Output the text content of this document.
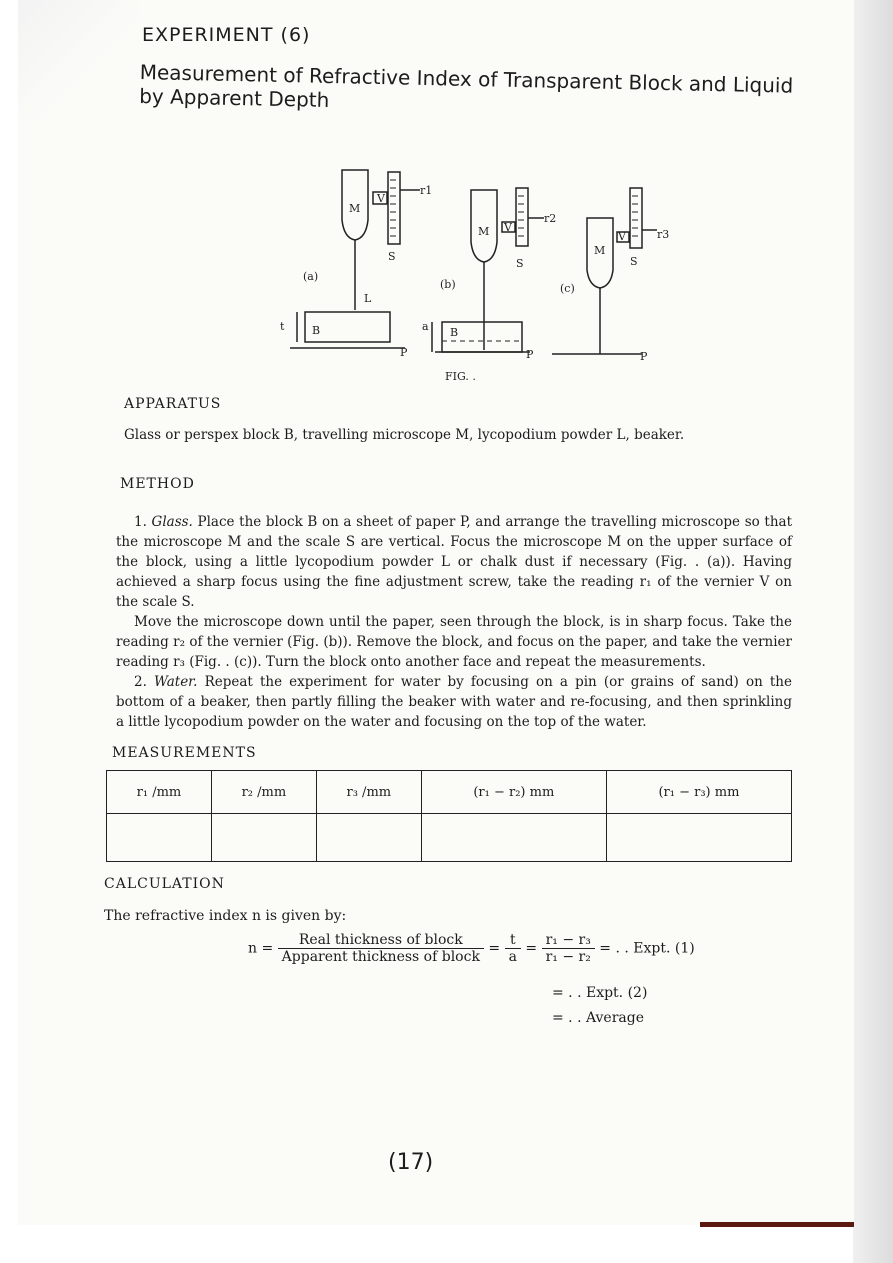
EXPERIMENT (6)
Measurement of Refractive Index of Transparent Block and Liquid by Apparent Depth
M
V
S
r1
(a)
L
B
t
P
M V
S
r2
(b)
B
a
P
M
V
S
r3
(c)
P
FIG. .
APPARATUS
Glass or perspex block B, travelling microscope M, lycopodium powder L, beaker.
METHOD

1. Glass. Place the block B on a sheet of paper P, and arrange the travelling microscope so that the microscope M and the scale S are vertical. Focus the microscope M on the upper surface of the block, using a little lycopodium powder L or chalk dust if necessary (Fig. . (a)). Having achieved a sharp focus using the fine adjustment screw, take the reading r₁ of the vernier V on the scale S.

Move the microscope down until the paper, seen through the block, is in sharp focus. Take the reading r₂ of the vernier (Fig. (b)). Remove the block, and focus on the paper, and take the vernier reading r₃ (Fig. . (c)). Turn the block onto another face and repeat the measurements.

2. Water. Repeat the experiment for water by focusing on a pin (or grains of sand) on the bottom of a beaker, then partly filling the beaker with water and re-focusing, and then sprinkling a little lycopodium powder on the water and focusing on the top of the water.

MEASUREMENTS
r₁ /mm	r₂ /mm	r₃ /mm	(r₁ − r₂) mm	(r₁ − r₃) mm

CALCULATION
The refractive index n is given by:
$n = \frac{\text{Real thickness of block}}{\text{Apparent thickness of block}} = \frac{t}{a} = \frac{\text{r₁ − r₃}}{\text{r₁ − r₂}}$ = . . Expt. (1)
= . . Expt. (2)
= . . Average
(17)
